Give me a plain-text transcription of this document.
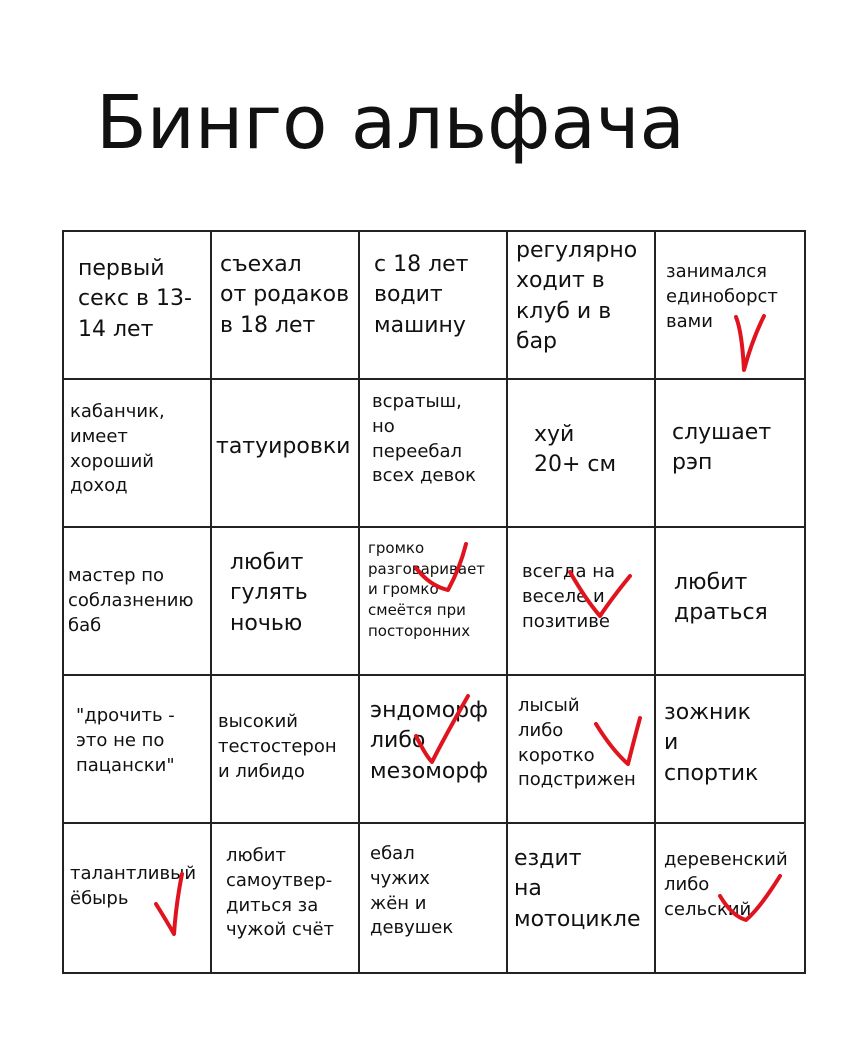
Бинго альфача
первый
секс в 13-
14 лет
съехал
от родаков
в 18 лет
с 18 лет
водит
машину
регулярно
ходит в
клуб и в
бар
занимался
единоборст
вами
кабанчик,
имеет
хороший
доход
татуировки
всратыш,
но
переебал
всех девок
хуй
20+ см
слушает
рэп
мастер по
соблазнению
баб
любит
гулять
ночью
громко
разговаривает
и громко
смеётся при
посторонних
всегда на
веселе и
позитиве
любит
драться
"дрочить -
это не по
пацански"
высокий
тестостерон
и либидо
эндоморф
либо
мезоморф
лысый
либо
коротко
подстрижен
зожник
и
спортик
талантливый
ёбырь
любит
самоутвер-
диться за
чужой счёт
ебал
чужих
жён и
девушек
ездит
на
мотоцикле
деревенский
либо
сельский
